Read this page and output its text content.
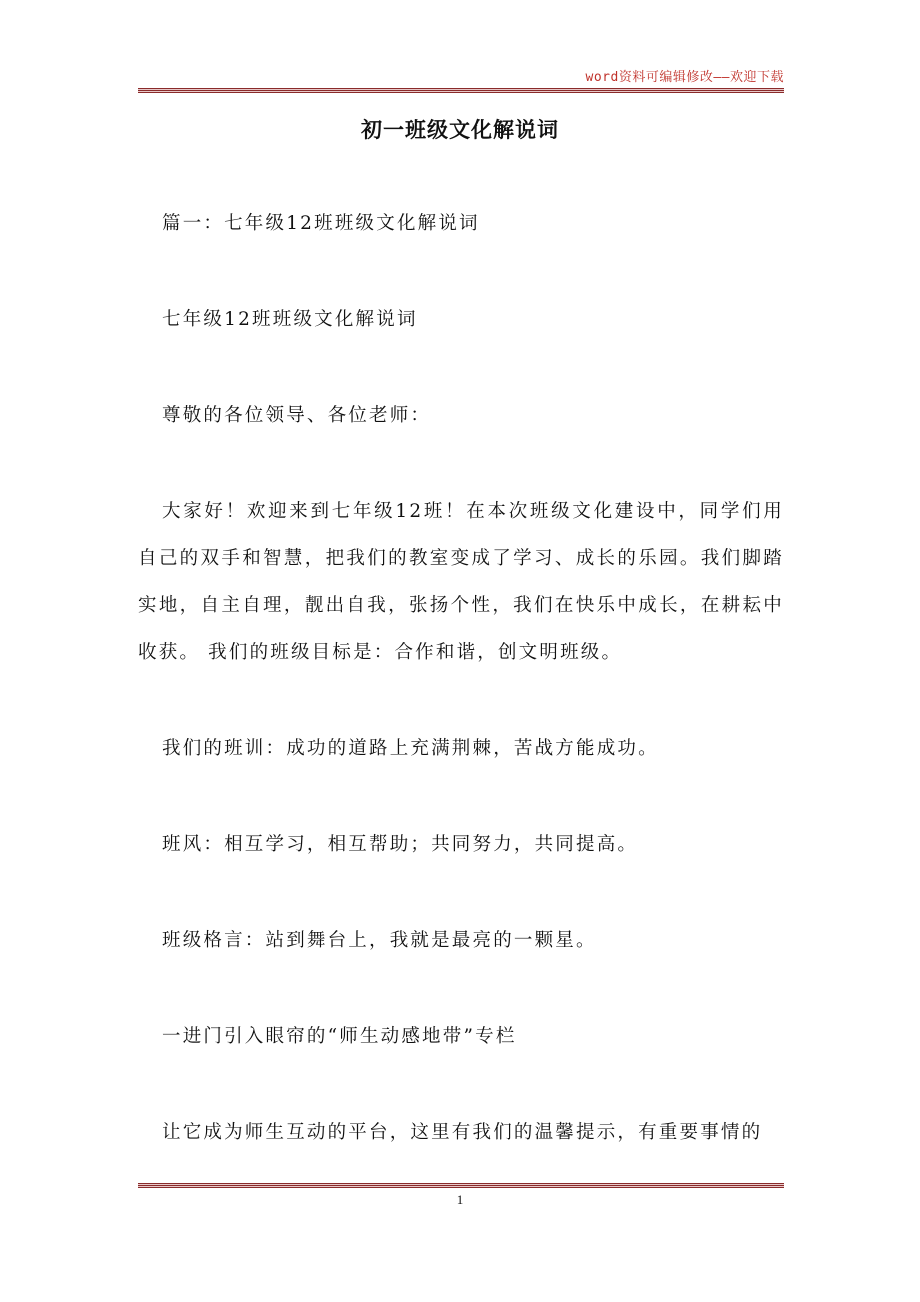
word资料可编辑修改——欢迎下载
初一班级文化解说词

篇一：七年级12班班级文化解说词

七年级12班班级文化解说词

尊敬的各位领导、各位老师：

大家好！欢迎来到七年级12班！在本次班级文化建设中，同学们用自己的双手和智慧，把我们的教室变成了学习、成长的乐园。我们脚踏实地，自主自理，靓出自我，张扬个性，我们在快乐中成长，在耕耘中收获。 我们的班级目标是：合作和谐，创文明班级。

我们的班训：成功的道路上充满荆棘，苦战方能成功。

班风：相互学习，相互帮助；共同努力，共同提高。

班级格言：站到舞台上，我就是最亮的一颗星。

一进门引入眼帘的“师生动感地带”专栏

让它成为师生互动的平台，这里有我们的温馨提示，有重要事情的

1
